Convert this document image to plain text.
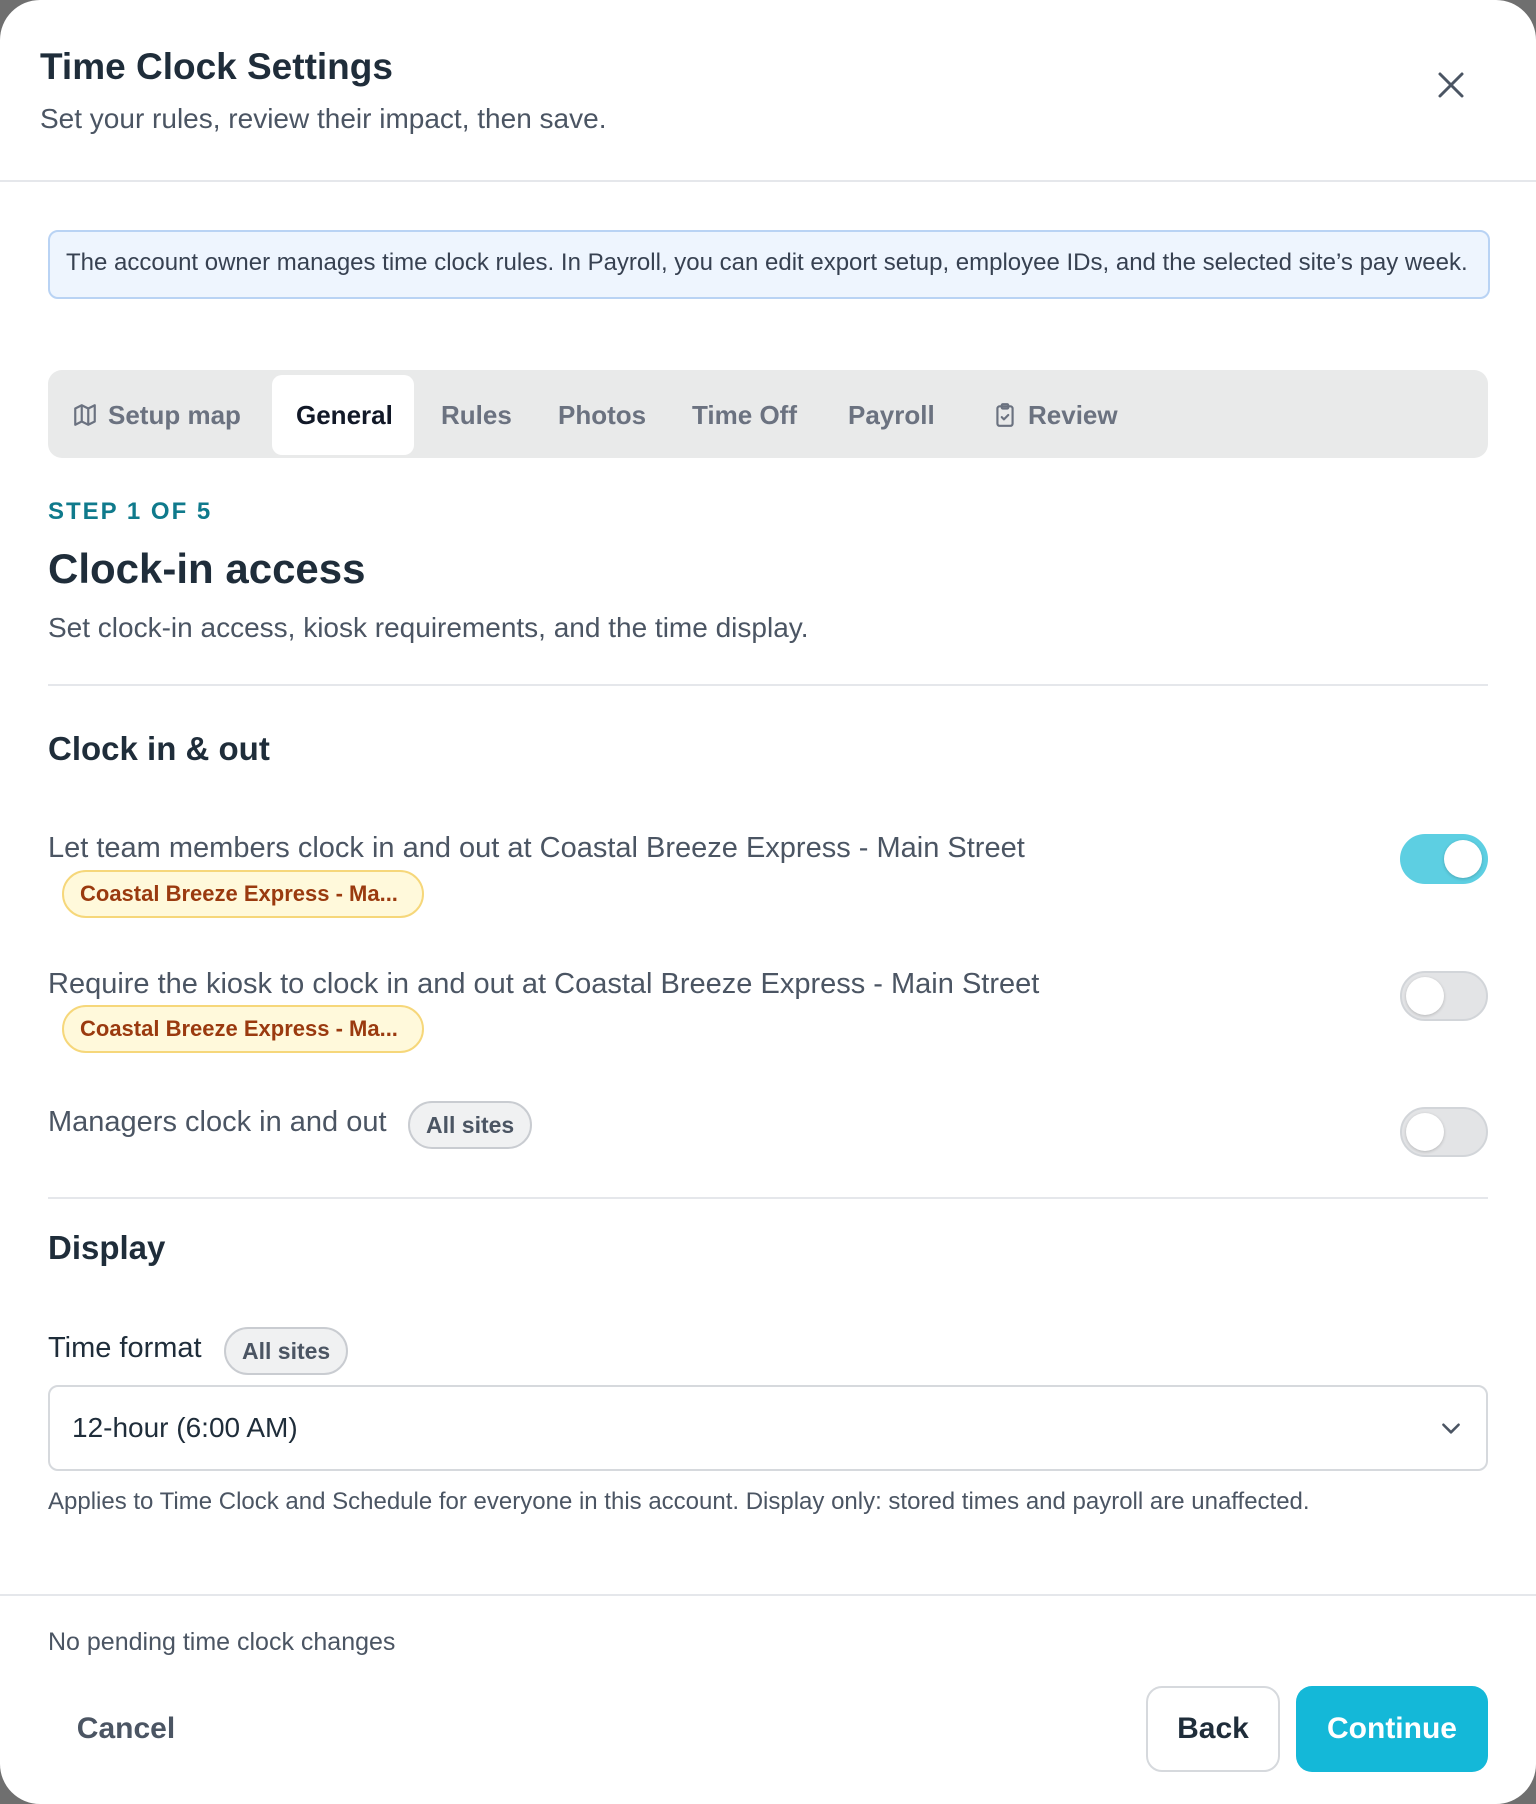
Time Clock Settings
Set your rules, review their impact, then save.
The account owner manages time clock rules. In Payroll, you can edit export setup, employee IDs, and the selected site’s pay week.
Setup map General Rules Photos Time Off Payroll	Review
STEP 1 OF 5
Clock-in access
Set clock-in access, kiosk requirements, and the time display.
Clock in & out
Let team members clock in and out at Coastal Breeze Express - Main Street
Coastal Breeze Express - Ma...
Require the kiosk to clock in and out at Coastal Breeze Express - Main Street
Coastal Breeze Express - Ma...
Managers clock in and out	All sites
Display
Time format	All sites
12-hour (6:00 AM)
Applies to Time Clock and Schedule for everyone in this account. Display only: stored times and payroll are unaffected.
No pending time clock changes
Cancel	Back	Continue
